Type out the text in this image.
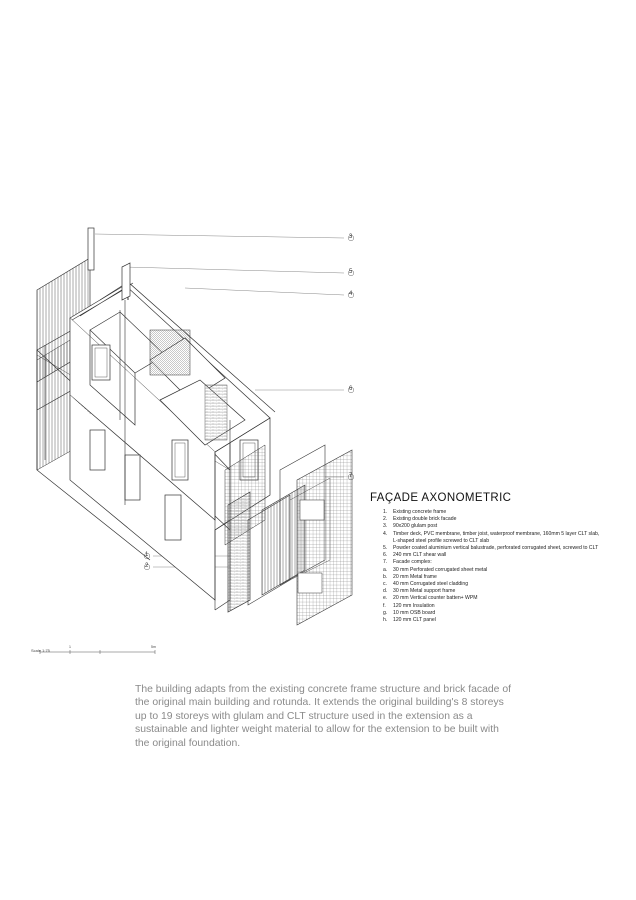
3
5
4
6
7
1
2
FAÇADE AXONOMETRIC
1.	Existing concrete frame
2.	Existing double brick facade
3.	90x200 glulam post
4.	Timber deck, PVC membrane, timber joist, waterproof membrane, 160mm 5 layer CLT slab,
L-shaped steel profile screwed to CLT slab
5.	Powder coated aluminium vertical balustrade, perforated corrugated sheet, screwed to CLT
6.	240 mm CLT shear wall
7.	Facade complex:
a.	30 mm Perforated corrugated sheet metal
b.	20 mm Metal frame
c.	40 mm Corrugated steel cladding
d.	30 mm Metal support frame
e.	20 mm Vertical counter batten+ WPM
f.	120 mm Insulation
g.	10 mm OSB board
h.	120 mm CLT panel
Scale 1:75
1	5m
The building adapts from the existing concrete frame structure and brick facade of the original main building and rotunda. It extends the original building's 8 storeys up to 19 storeys with glulam and CLT structure used in the extension as a sustainable and lighter weight material to allow for the extension to be built with the original foundation.
